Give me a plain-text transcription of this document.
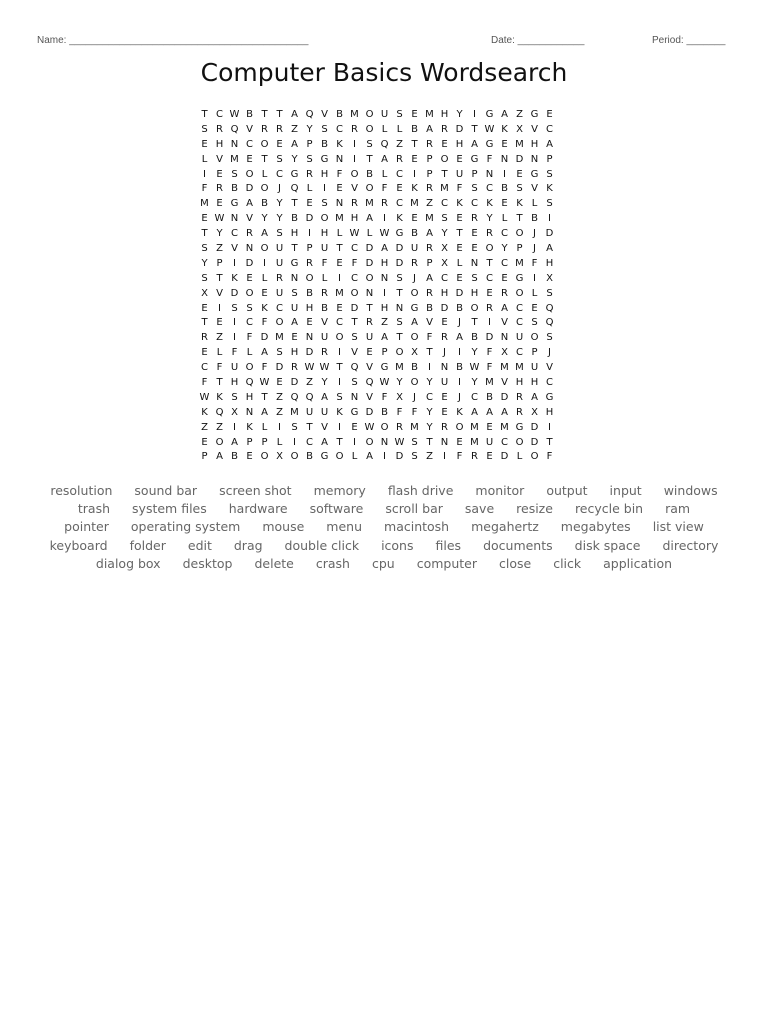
Name: ___________________________________________	Date: ____________	Period: _______
Computer Basics Wordsearch
T C W B T T A Q V B M O U S E M H Y	I G A Z G E
S R Q V R R Z Y S C R O L L B A R D T W K X V C
E H N C O E A P B K	I	S Q Z T R E H A G E M H A
L V M E T S Y S G N I	T A R E P O E G F N D N P
I	E S O L C G R H F O B L C	I	P T U P N I	E G S
F R B D O J Q L	I	E V O F E K R M F S C B S V K
M E G A B Y T E S N R M R C M Z C K C K E K L S
E W N V Y Y B D O M H A	I	K E M S E R Y L T B	I
T Y C R A S H I H L W L W G B A Y T E R C O J D
S Z V N O U T P U T C D A D U R X E E O Y P	J	A
Y P	I D I U G R F E F D H D R P X L N T C M F H
S T K E L R N O L	I	C O N S	J	A C E S C E G I	X
X V D O E U S B R M O N I	T O R H D H E R O L S
E	I	S S K C U H B E D T H N G B D B O R A C E Q
T E	I	C F O A E V C T R Z S A V E	J	T	I	V C S Q
R Z	I	F D M E N U O S U A T O F R A B D N U O S
E L F L A S H D R	I	V E P O X T	J	I	Y F X C P	J
C F U O F D R W W T Q V G M B	I N B W F M M U V
F T H Q W E D Z Y	I	S Q W Y O Y U I	Y M V H H C
W K S H T Z Q Q A S N V F X	J	C E	J	C B D R A G
K Q X N A Z M U U K G D B F F Y E K A A A R X H
Z Z	I	K L	I	S T V	I	E W O R M Y R O M E M G D I
E O A P P L	I	C A T	I O N W S T N E M U C O D T
P A B E O X O B G O L A	I D S Z	I	F R E D L O F
resolution sound bar screen shot memory flash drive monitor output input windows
trash system files hardware software scroll bar save resize recycle bin ram
pointer operating system mouse menu macintosh megahertz megabytes list view
keyboard folder edit drag double click icons files documents disk space directory
dialog box desktop delete crash cpu computer close click application
